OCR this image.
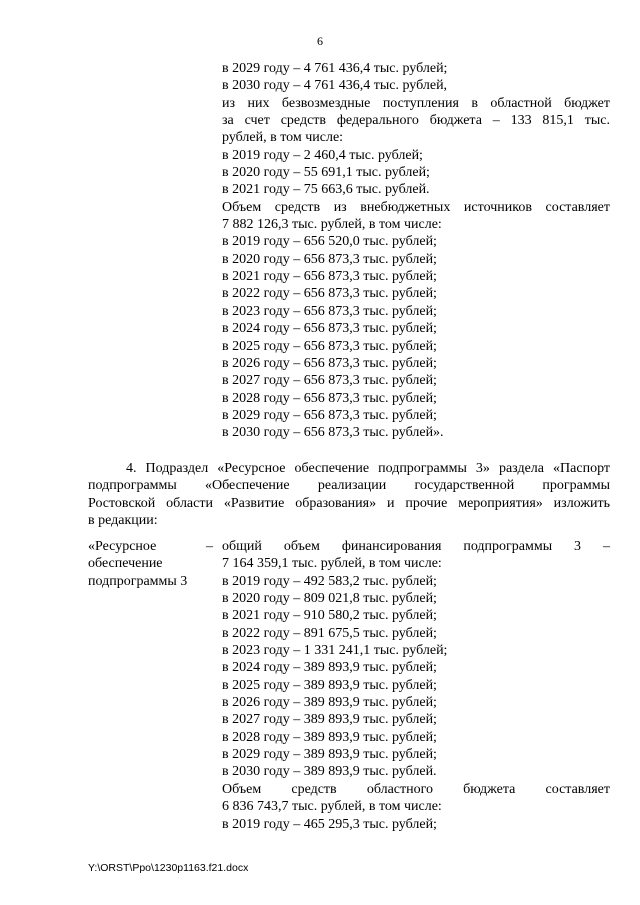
6
в 2029 году – 4 761 436,4 тыс. рублей;
в 2030 году – 4 761 436,4 тыс. рублей,
из них безвозмездные поступления в областной бюджет
за счет средств федерального бюджета – 133 815,1 тыс.
рублей, в том числе:
в 2019 году – 2 460,4 тыс. рублей;
в 2020 году – 55 691,1 тыс. рублей;
в 2021 году – 75 663,6 тыс. рублей.
Объем средств из внебюджетных источников составляет
7 882 126,3 тыс. рублей, в том числе:
в 2019 году – 656 520,0 тыс. рублей;
в 2020 году – 656 873,3 тыс. рублей;
в 2021 году – 656 873,3 тыс. рублей;
в 2022 году – 656 873,3 тыс. рублей;
в 2023 году – 656 873,3 тыс. рублей;
в 2024 году – 656 873,3 тыс. рублей;
в 2025 году – 656 873,3 тыс. рублей;
в 2026 году – 656 873,3 тыс. рублей;
в 2027 году – 656 873,3 тыс. рублей;
в 2028 году – 656 873,3 тыс. рублей;
в 2029 году – 656 873,3 тыс. рублей;
в 2030 году – 656 873,3 тыс. рублей».
4. Подраздел «Ресурсное обеспечение подпрограммы 3» раздела «Паспорт
подпрограммы «Обеспечение реализации государственной программы
Ростовской области «Развитие образования» и прочие мероприятия» изложить
в редакции:
«Ресурсное
обеспечение
подпрограммы 3
– общий объем финансирования подпрограммы 3 –
7 164 359,1 тыс. рублей, в том числе:
в 2019 году – 492 583,2 тыс. рублей;
в 2020 году – 809 021,8 тыс. рублей;
в 2021 году – 910 580,2 тыс. рублей;
в 2022 году – 891 675,5 тыс. рублей;
в 2023 году – 1 331 241,1 тыс. рублей;
в 2024 году – 389 893,9 тыс. рублей;
в 2025 году – 389 893,9 тыс. рублей;
в 2026 году – 389 893,9 тыс. рублей;
в 2027 году – 389 893,9 тыс. рублей;
в 2028 году – 389 893,9 тыс. рублей;
в 2029 году – 389 893,9 тыс. рублей;
в 2030 году – 389 893,9 тыс. рублей.
Объем средств областного бюджета составляет
6 836 743,7 тыс. рублей, в том числе:
в 2019 году – 465 295,3 тыс. рублей;
Y:\ORST\Ppo\1230p1163.f21.docx
